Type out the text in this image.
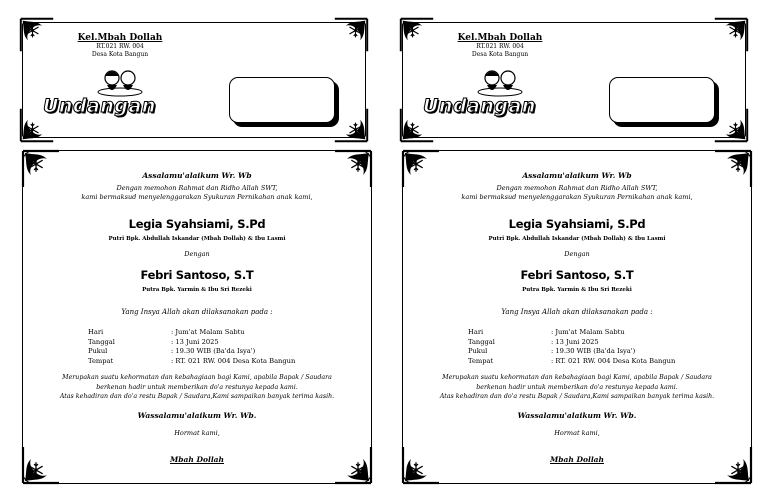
Kel.Mbah Dollah
RT.021 RW. 004
Desa Kota Bangun
Undangan
Assalamu'alaikum Wr. Wb
Dengan memohon Rahmat dan Ridho Allah SWT,
kami bermaksud menyelenggarakan Syukuran Pernikahan anak kami,
Legia Syahsiami, S.Pd
Putri Bpk. Abdullah Iskandar (Mbah Dollah) & Ibu Lasmi
Dengan
Febri Santoso, S.T
Putra Bpk. Yarmin & Ibu Sri Rezeki
Yang Insya Allah akan dilaksanakan pada :
Hari	: Jum'at Malam Sabtu
Tanggal	: 13 Juni 2025
Pukul	: 19.30 WIB (Ba'da Isya')
Tempat	: RT. 021 RW. 004 Desa Kota Bangun
Merupakan suatu kehormatan dan kebahagiaan bagi Kami, apabila Bapak / Saudara
berkenan hadir untuk memberikan do'a restunya kepada kami.
Atas kehadiran dan do'a restu Bapak / Saudara,Kami sampaikan banyak terima kasih.
Wassalamu'alaikum Wr. Wb.
Hormat kami,
Mbah Dollah
Kel.Mbah Dollah
RT.021 RW. 004
Desa Kota Bangun
Undangan
Assalamu'alaikum Wr. Wb
Dengan memohon Rahmat dan Ridho Allah SWT,
kami bermaksud menyelenggarakan Syukuran Pernikahan anak kami,
Legia Syahsiami, S.Pd
Putri Bpk. Abdullah Iskandar (Mbah Dollah) & Ibu Lasmi
Dengan
Febri Santoso, S.T
Putra Bpk. Yarmin & Ibu Sri Rezeki
Yang Insya Allah akan dilaksanakan pada :
Hari	: Jum'at Malam Sabtu
Tanggal	: 13 Juni 2025
Pukul	: 19.30 WIB (Ba'da Isya')
Tempat	: RT. 021 RW. 004 Desa Kota Bangun
Merupakan suatu kehormatan dan kebahagiaan bagi Kami, apabila Bapak / Saudara
berkenan hadir untuk memberikan do'a restunya kepada kami.
Atas kehadiran dan do'a restu Bapak / Saudara,Kami sampaikan banyak terima kasih.
Wassalamu'alaikum Wr. Wb.
Hormat kami,
Mbah Dollah
